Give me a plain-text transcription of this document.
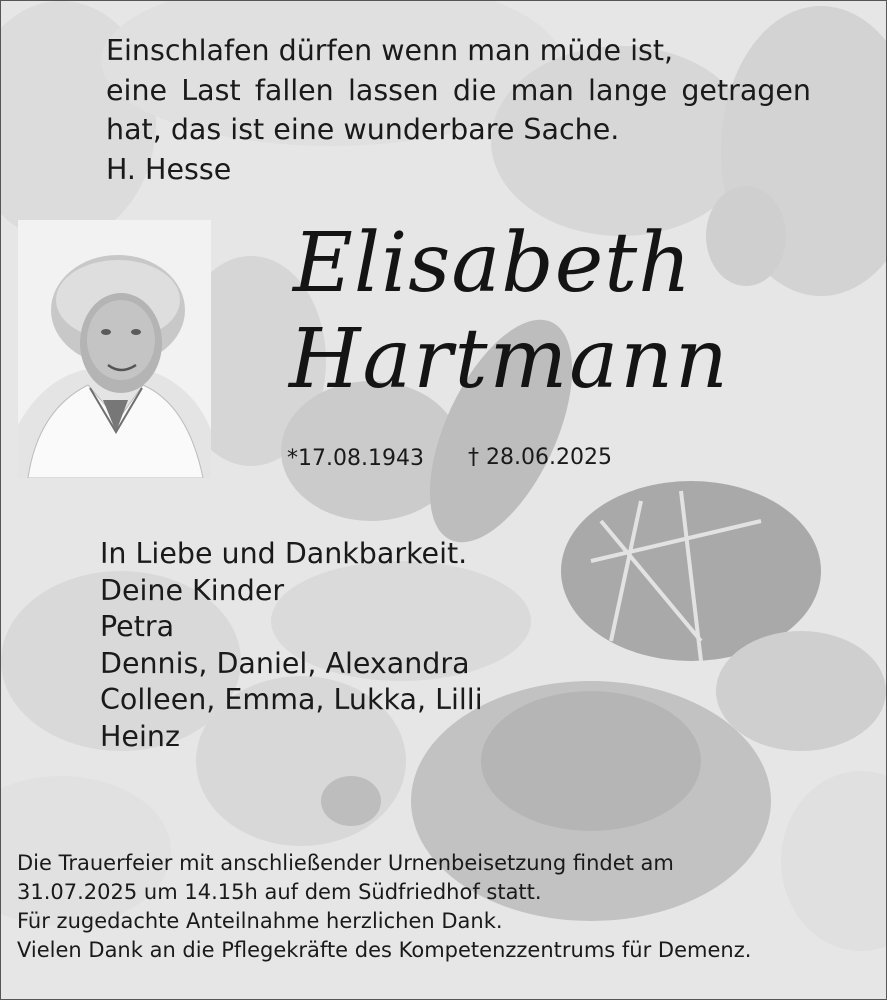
Einschlafen dürfen wenn man müde ist,
eine Last fallen lassen die man lange getragen
hat, das ist eine wunderbare Sache.
H. Hesse
Elisabeth
Hartmann
*17.08.1943 † 28.06.2025
In Liebe und Dankbarkeit.
Deine Kinder
Petra
Dennis, Daniel, Alexandra
Colleen, Emma, Lukka, Lilli
Heinz
Die Trauerfeier mit anschließender Urnenbeisetzung findet am
31.07.2025 um 14.15h auf dem Südfriedhof statt.
Für zugedachte Anteilnahme herzlichen Dank.
Vielen Dank an die Pflegekräfte des Kompetenzzentrums für Demenz.
